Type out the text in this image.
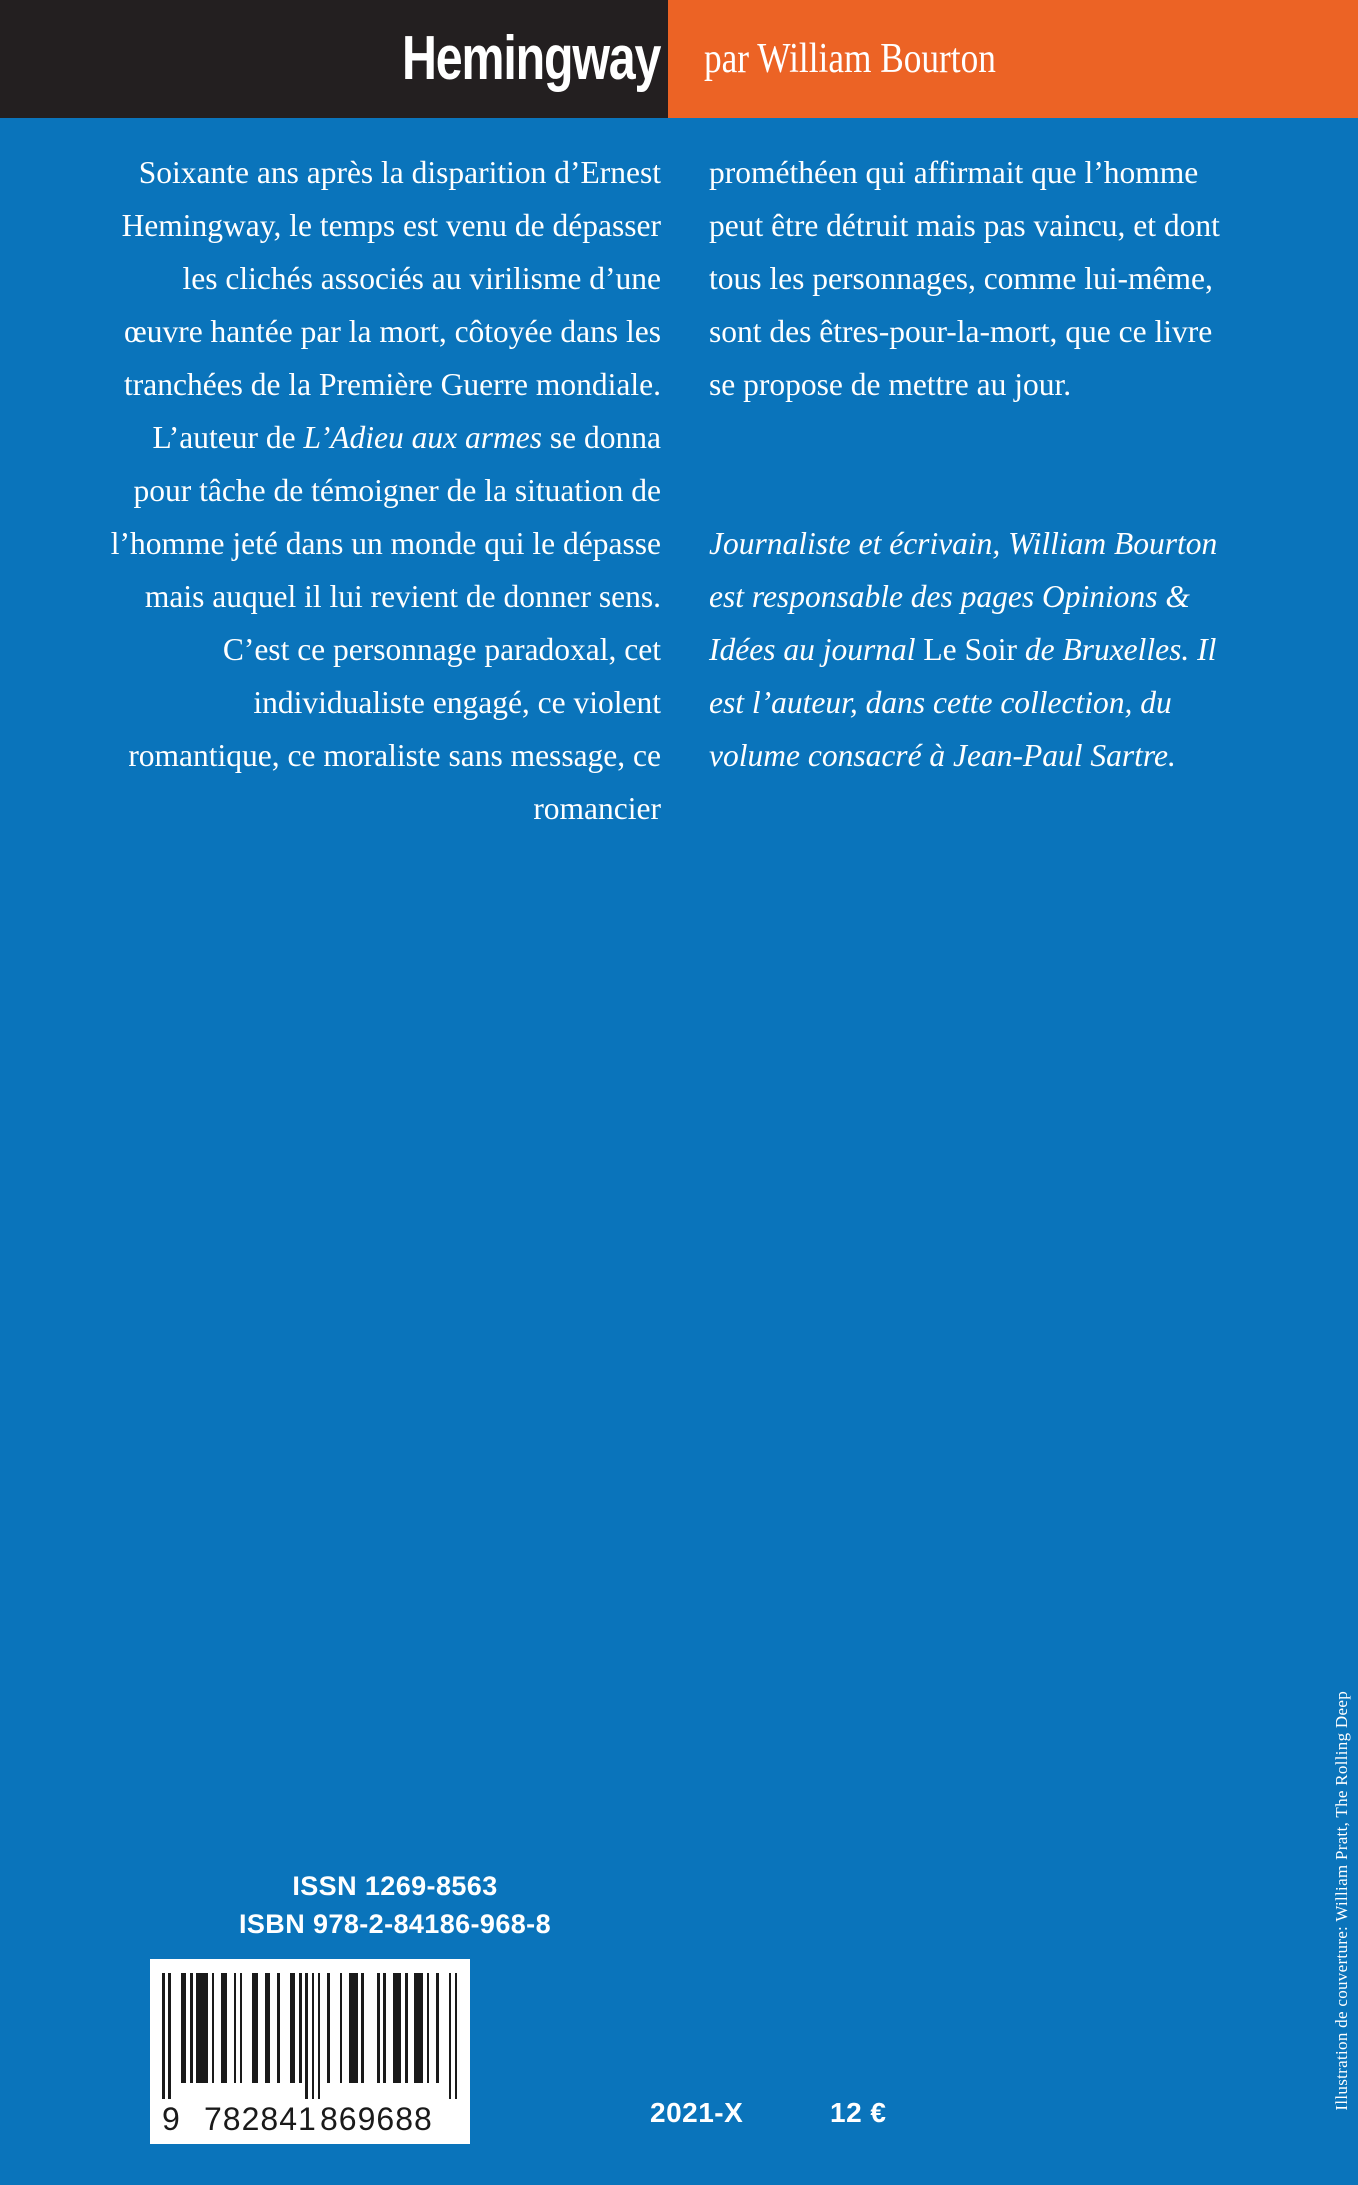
Hemingway par William Bourton

Soixante ans après la disparition d’Ernest Hemingway, le temps est venu de dépasser les clichés associés au virilisme d’une œuvre hantée par la mort, côtoyée dans les tranchées de la Première Guerre mondiale. L’auteur de L’Adieu aux armes se donna pour tâche de témoigner de la situation de l’homme jeté dans un monde qui le dépasse mais auquel il lui revient de donner sens. C’est ce personnage paradoxal, cet individualiste engagé, ce violent romantique, ce moraliste sans message, ce romancier

prométhéen qui affirmait que l’homme peut être détruit mais pas vaincu, et dont tous les personnages, comme lui-même, sont des êtres-pour-la-mort, que ce livre se propose de mettre au jour.

Journaliste et écrivain, William Bourton est responsable des pages Opinions & Idées au journal Le Soir de Bruxelles. Il est l’auteur, dans cette collection, du volume consacré à Jean-Paul Sartre.

ISSN 1269-8563
ISBN 978-2-84186-968-8
9 782841 869688	2021-X	12 €
Illustration de couverture: William Pratt, The Rolling Deep
